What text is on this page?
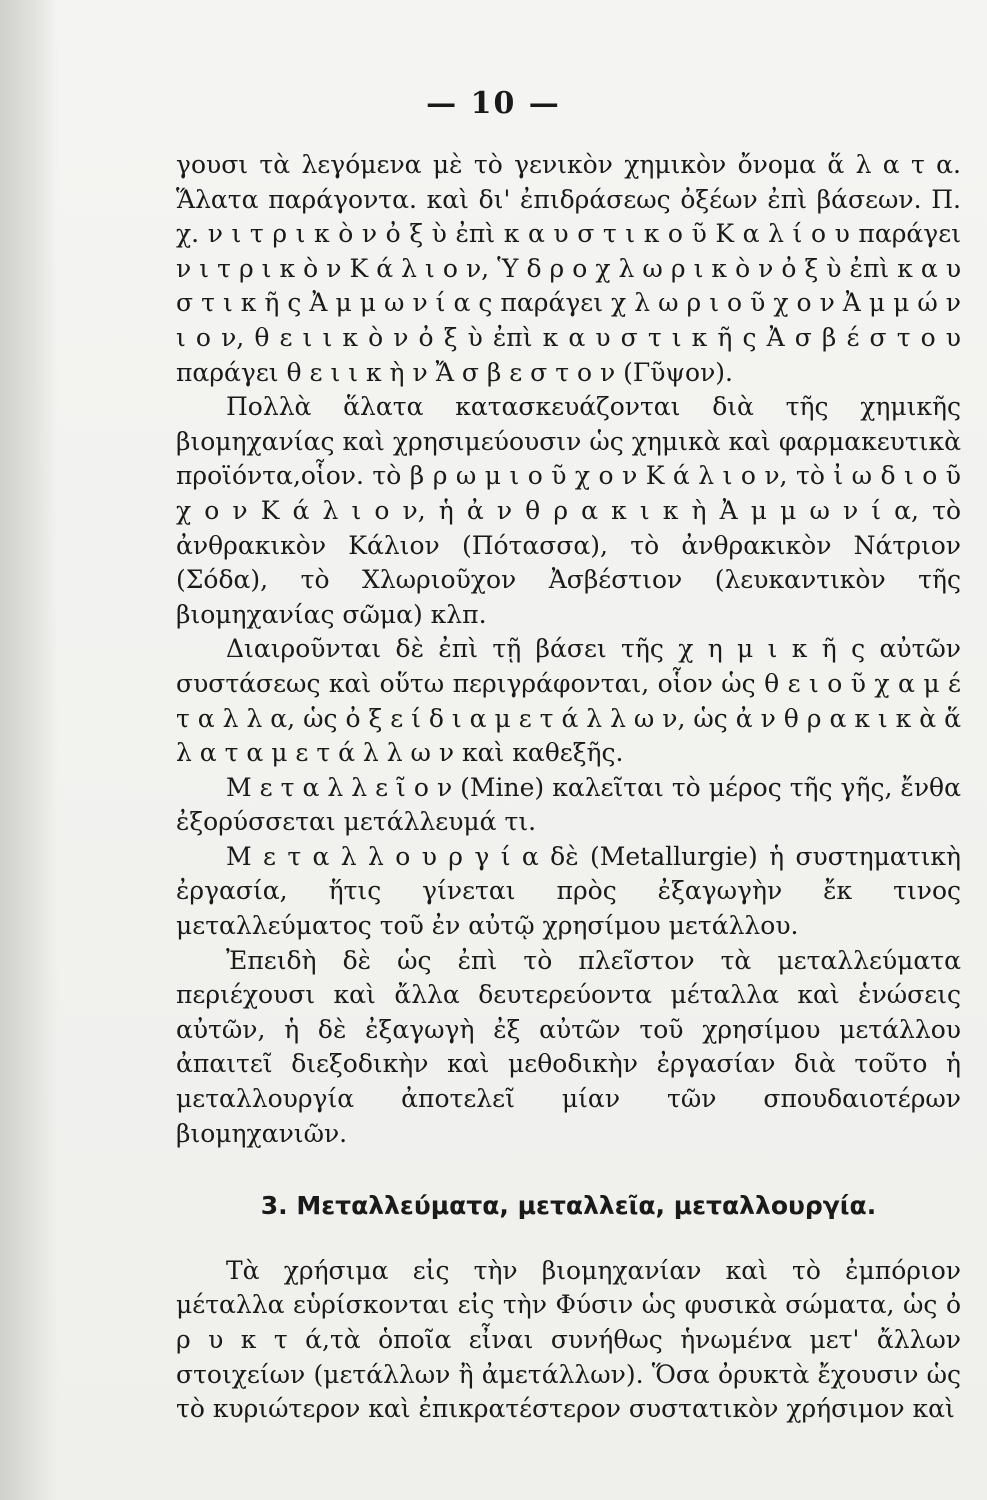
— 10 —

γουσι τὰ λεγόμενα μὲ τὸ γενικὸν χημικὸν ὄνομα ἅ λ α τ α. Ἅλατα παράγοντα. καὶ δι' ἐπιδράσεως ὀξέων ἐπὶ βάσεων. Π. χ. ν ι τ ρ ι κ ὸ ν ὀ ξ ὺ ἐπὶ κ α υ σ τ ι κ ο ῦ Κ α λ ί ο υ παράγει ν ι τ ρ ι κ ὸ ν Κ ά λ ι ο ν, Ὑ δ ρ ο χ λ ω ρ ι κ ὸ ν ὀ ξ ὺ ἐπὶ κ α υ σ τ ι κ ῆ ς Ἀ μ μ ω ν ί α ς παράγει χ λ ω ρ ι ο ῦ χ ο ν Ἀ μ μ ώ ν ι ο ν, θ ε ι ι κ ὸ ν ὀ ξ ὺ ἐπὶ κ α υ σ τ ι κ ῆ ς Ἀ σ β έ σ τ ο υ παράγει θ ε ι ι κ ὴ ν Ἄ σ β ε σ τ ο ν (Γῦψον).

Πολλὰ ἅλατα κατασκευάζονται διὰ τῆς χημικῆς βιομηχανίας καὶ χρησιμεύουσιν ὡς χημικὰ καὶ φαρμακευτικὰ προϊόντα,οἷον. τὸ β ρ ω μ ι ο ῦ χ ο ν Κ ά λ ι ο ν, τὸ ἰ ω δ ι ο ῦ χ ο ν Κ ά λ ι ο ν, ἡ ἀ ν θ ρ α κ ι κ ὴ Ἀ μ μ ω ν ί α, τὸ ἀνθρακικὸν Κάλιον (Πότασσα), τὸ ἀνθρακικὸν Νάτριον (Σόδα), τὸ Χλωριοῦχον Ἀσβέστιον (λευκαντικὸν τῆς βιομηχανίας σῶμα) κλπ.

Διαιροῦνται δὲ ἐπὶ τῇ βάσει τῆς χ η μ ι κ ῆ ς αὐτῶν συστάσεως καὶ οὕτω περιγράφονται, οἷον ὡς θ ε ι ο ῦ χ α μ έ τ α λ λ α, ὡς ὀ ξ ε ί δ ι α μ ε τ ά λ λ ω ν, ὡς ἀ ν θ ρ α κ ι κ ὰ ἅ λ α τ α μ ε τ ά λ λ ω ν καὶ καθεξῆς.

Μ ε τ α λ λ ε ῖ ο ν (Mine) καλεῖται τὸ μέρος τῆς γῆς, ἔνθα ἐξορύσσεται μετάλλευμά τι.

Μ ε τ α λ λ ο υ ρ γ ί α δὲ (Metallurgie) ἡ συστηματικὴ ἐργασία, ἥτις γίνεται πρὸς ἐξαγωγὴν ἔκ τινος μεταλλεύματος τοῦ ἐν αὐτῷ χρησίμου μετάλλου.

Ἐπειδὴ δὲ ὡς ἐπὶ τὸ πλεῖστον τὰ μεταλλεύματα περιέχουσι καὶ ἄλλα δευτερεύοντα μέταλλα καὶ ἑνώσεις αὐτῶν, ἡ δὲ ἐξαγωγὴ ἐξ αὐτῶν τοῦ χρησίμου μετάλλου ἀπαιτεῖ διεξοδικὴν καὶ μεθοδικὴν ἐργασίαν διὰ τοῦτο ἡ μεταλλουργία ἀποτελεῖ μίαν τῶν σπουδαιοτέρων βιομηχανιῶν.

3. Μεταλλεύματα, μεταλλεῖα, μεταλλουργία.

Τὰ χρήσιμα εἰς τὴν βιομηχανίαν καὶ τὸ ἐμπόριον μέταλλα εὑρίσκονται εἰς τὴν Φύσιν ὡς φυσικὰ σώματα, ὡς ὀ ρ υ κ τ ά,τὰ ὁποῖα εἶναι συνήθως ἡνωμένα μετ' ἄλλων στοιχείων (μετάλλων ἢ ἀμετάλλων). Ὅσα ὀρυκτὰ ἔχουσιν ὡς τὸ κυριώτερον καὶ ἐπικρατέστερον συστατικὸν χρήσιμον καὶ
